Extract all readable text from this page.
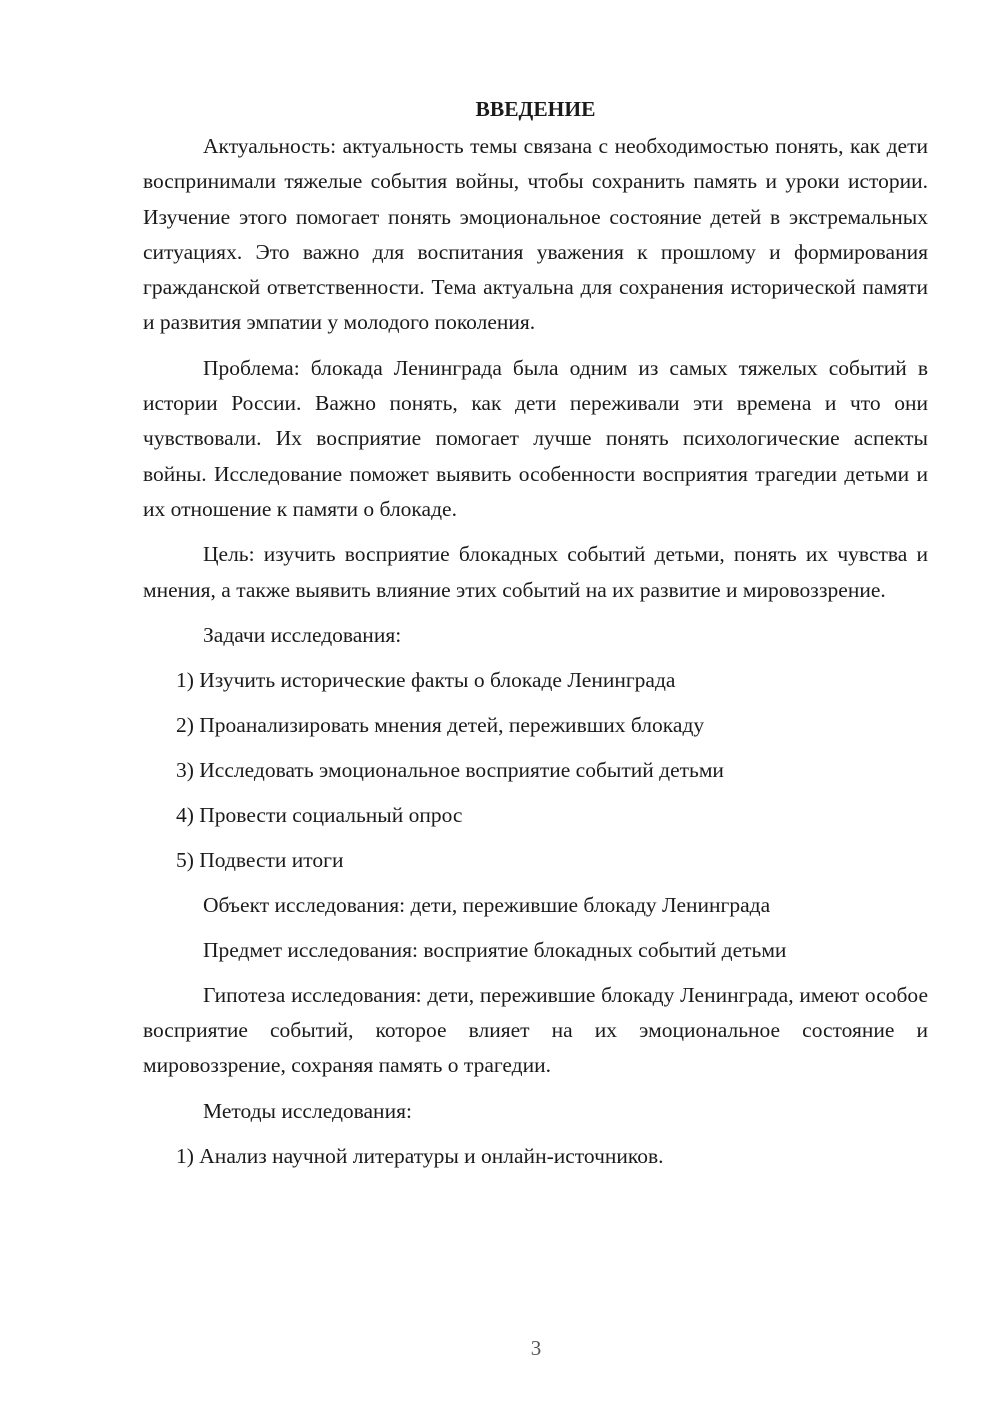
ВВЕДЕНИЕ

Актуальность: актуальность темы связана с необходимостью понять, как дети воспринимали тяжелые события войны, чтобы сохранить память и уроки истории. Изучение этого помогает понять эмоциональное состояние детей в экстремальных ситуациях. Это важно для воспитания уважения к прошлому и формирования гражданской ответственности. Тема актуальна для сохранения исторической памяти и развития эмпатии у молодого поколения.

Проблема: блокада Ленинграда была одним из самых тяжелых событий в истории России. Важно понять, как дети переживали эти времена и что они чувствовали. Их восприятие помогает лучше понять психологические аспекты войны. Исследование поможет выявить особенности восприятия трагедии детьми и их отношение к памяти о блокаде.

Цель: изучить восприятие блокадных событий детьми, понять их чувства и мнения, а также выявить влияние этих событий на их развитие и мировоззрение.

Задачи исследования:

1) Изучить исторические факты о блокаде Ленинграда

2) Проанализировать мнения детей, переживших блокаду

3) Исследовать эмоциональное восприятие событий детьми

4) Провести социальный опрос

5) Подвести итоги

Объект исследования: дети, пережившие блокаду Ленинграда

Предмет исследования: восприятие блокадных событий детьми

Гипотеза исследования: дети, пережившие блокаду Ленинграда, имеют особое восприятие событий, которое влияет на их эмоциональное состояние и мировоззрение, сохраняя память о трагедии.

Методы исследования:

1) Анализ научной литературы и онлайн-источников.

3
